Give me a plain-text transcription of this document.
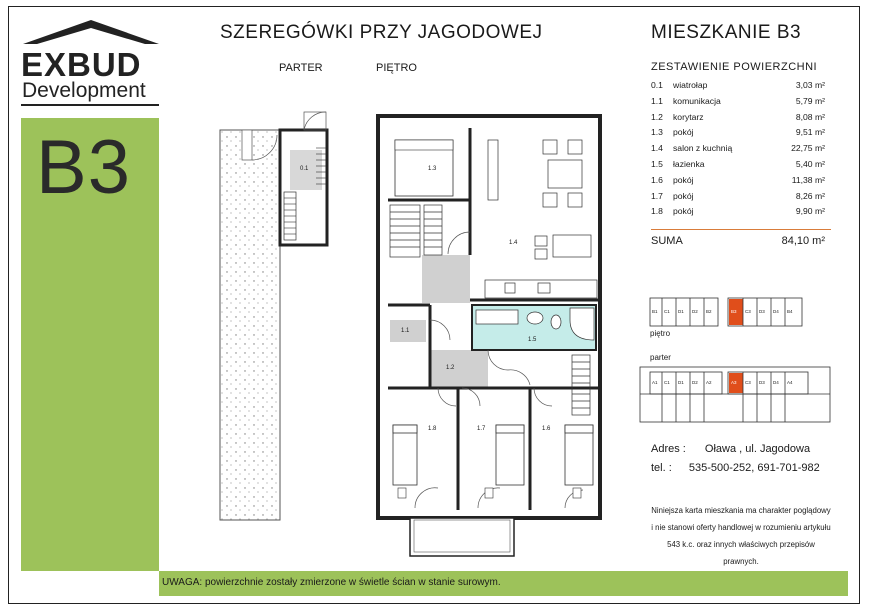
EXBUD
Development
B3
SZEREGÓWKI PRZY JAGODOWEJ	MIESZKANIE B3
PARTER	PIĘTRO
0.1	1.3
1.4
1.1
1.5
1.2
1.8	1.7	1.6
ZESTAWIENIE POWIERZCHNI
0.1 wiatrołap	3,03 m²
1.1 komunikacja	5,79 m²
1.2 korytarz	8,08 m²
1.3 pokój	9,51 m²
1.4 salon z kuchnią	22,75 m²
1.5 łazienka	5,40 m²
1.6 pokój	11,38 m²
1.7 pokój	8,26 m²
1.8 pokój	9,90 m²
SUMA	84,10 m²
piętro
parter
B1 C1 D1 D2 B2	B3 C3 D3 D4 B4
A1 C1 D1 D2 A2	A3 C3 D3 D4 A4
Adres : Oława , ul. Jagodowa
tel. : 535-500-252, 691-701-982
Niniejsza karta mieszkania ma charakter poglądowy i nie stanowi oferty handlowej w rozumieniu artykułu 543 k.c. oraz innych właściwych przepisów prawnych.
UWAGA: powierzchnie zostały zmierzone w świetle ścian w stanie surowym.
